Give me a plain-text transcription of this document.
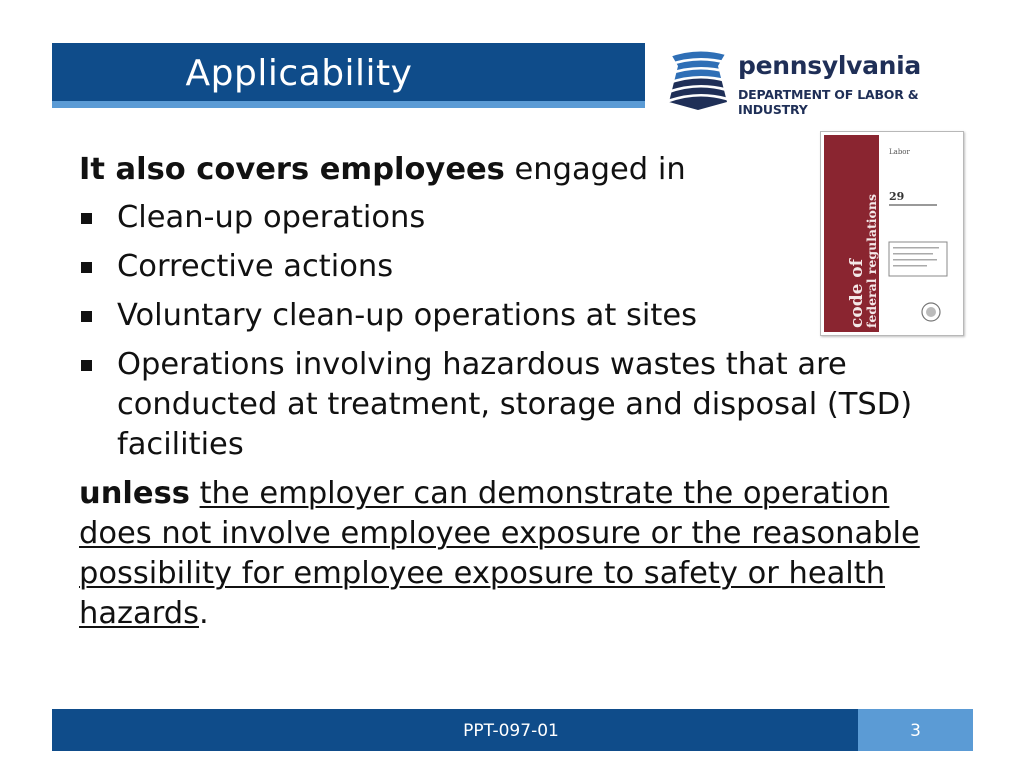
Applicability	pennsylvania
DEPARTMENT OF LABOR & INDUSTRY
code of
federal regulations
Labor
29
It also covers employees engaged in
Clean-up operations
Corrective actions
Voluntary clean-up operations at sites
Operations involving hazardous wastes that are conducted at treatment, storage and disposal (TSD) facilities
unless the employer can demonstrate the operation does not involve employee exposure or the reasonable possibility for employee exposure to safety or health hazards.
3
PPT-097-01
